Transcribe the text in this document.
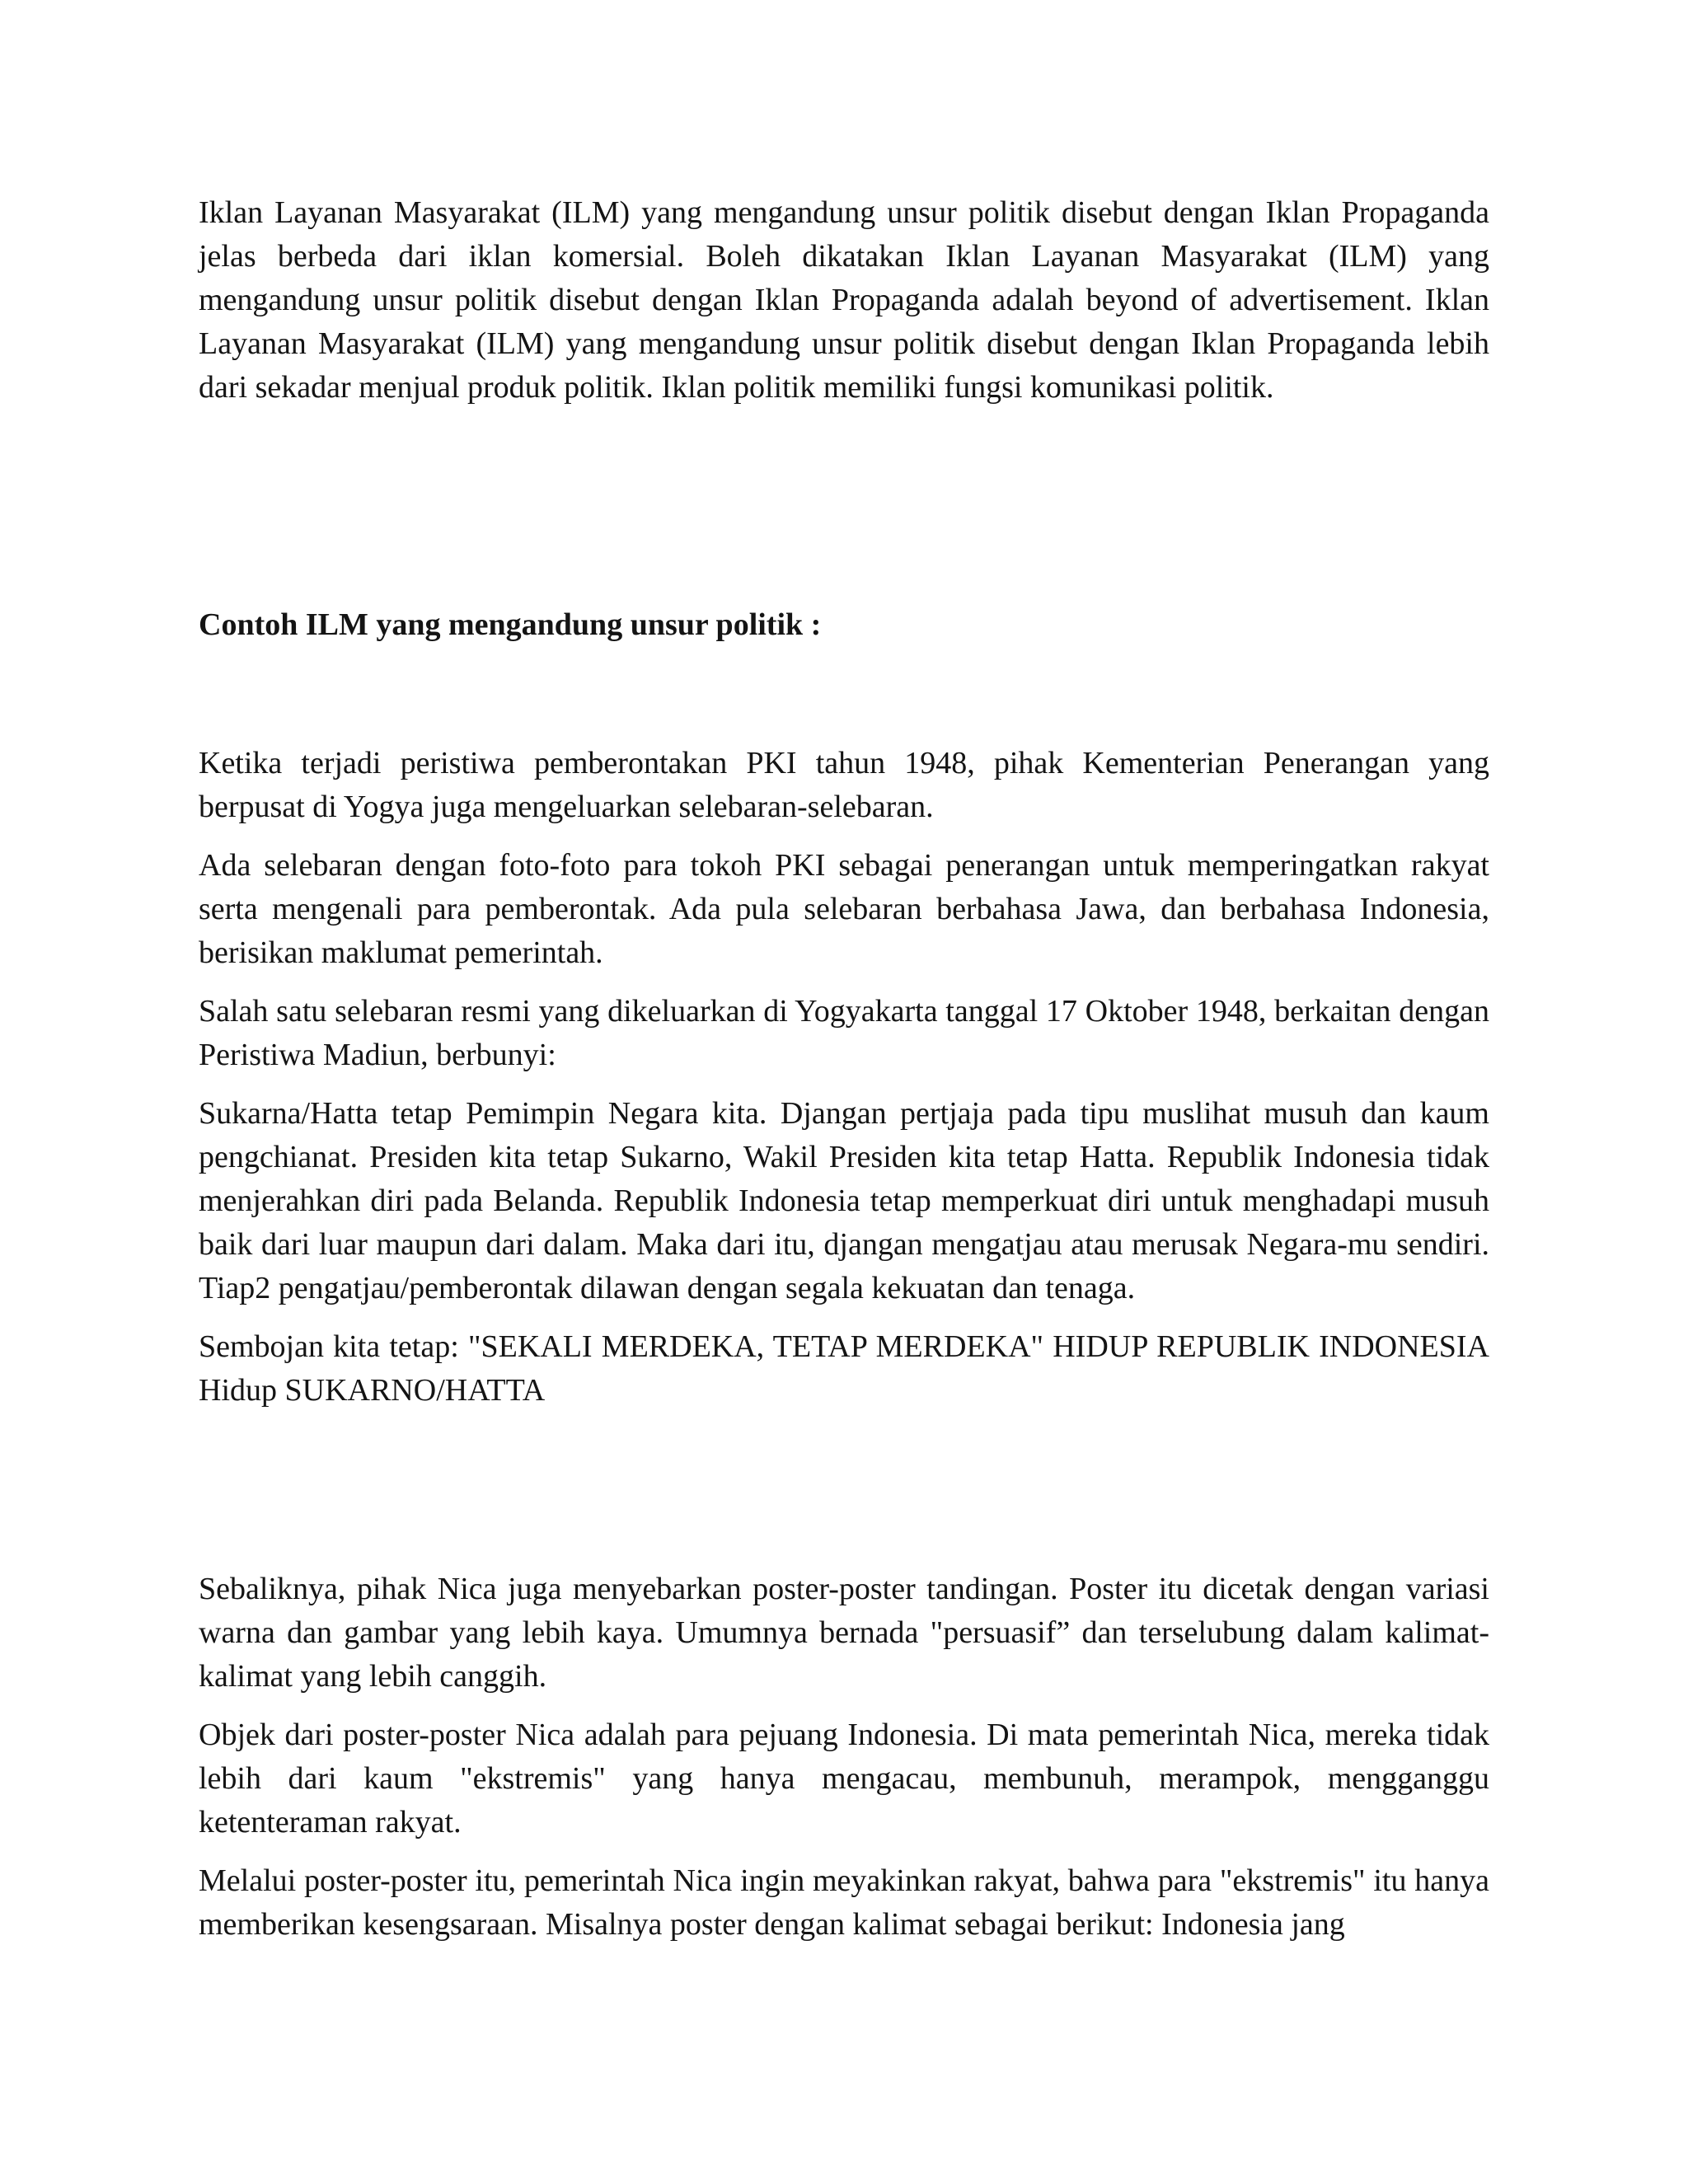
Iklan Layanan Masyarakat (ILM) yang mengandung unsur politik disebut dengan Iklan Propaganda jelas berbeda dari iklan komersial. Boleh dikatakan Iklan Layanan Masyarakat (ILM) yang mengandung unsur politik disebut dengan Iklan Propaganda adalah beyond of advertisement. Iklan Layanan Masyarakat (ILM) yang mengandung unsur politik disebut dengan Iklan Propaganda lebih dari sekadar menjual produk politik. Iklan politik memiliki fungsi komunikasi politik.

Contoh ILM yang mengandung unsur politik :

Ketika terjadi peristiwa pemberontakan PKI tahun 1948, pihak Kementerian Penerangan yang berpusat di Yogya juga mengeluarkan selebaran-selebaran.

Ada selebaran dengan foto-foto para tokoh PKI sebagai penerangan untuk memperingatkan rakyat serta mengenali para pemberontak. Ada pula selebaran berbahasa Jawa, dan berbahasa Indonesia, berisikan maklumat pemerintah.

Salah satu selebaran resmi yang dikeluarkan di Yogyakarta tanggal 17 Oktober 1948, berkaitan dengan Peristiwa Madiun, berbunyi:

Sukarna/Hatta tetap Pemimpin Negara kita. Djangan pertjaja pada tipu muslihat musuh dan kaum pengchianat. Presiden kita tetap Sukarno, Wakil Presiden kita tetap Hatta. Republik Indonesia tidak menjerahkan diri pada Belanda. Republik Indonesia tetap memperkuat diri untuk menghadapi musuh baik dari luar maupun dari dalam. Maka dari itu, djangan mengatjau atau merusak Negara-mu sendiri. Tiap2 pengatjau/pemberontak dilawan dengan segala kekuatan dan tenaga.

Sembojan kita tetap: "SEKALI MERDEKA, TETAP MERDEKA" HIDUP REPUBLIK INDONESIA Hidup SUKARNO/HATTA

Sebaliknya, pihak Nica juga menyebarkan poster-poster tandingan. Poster itu dicetak dengan variasi warna dan gambar yang lebih kaya. Umumnya bernada "persuasif” dan terselubung dalam kalimat-kalimat yang lebih canggih.

Objek dari poster-poster Nica adalah para pejuang Indonesia. Di mata pemerintah Nica, mereka tidak lebih dari kaum "ekstremis" yang hanya mengacau, membunuh, merampok, mengganggu ketenteraman rakyat.

Melalui poster-poster itu, pemerintah Nica ingin meyakinkan rakyat, bahwa para "ekstremis" itu hanya memberikan kesengsaraan. Misalnya poster dengan kalimat sebagai berikut: Indonesia jang
